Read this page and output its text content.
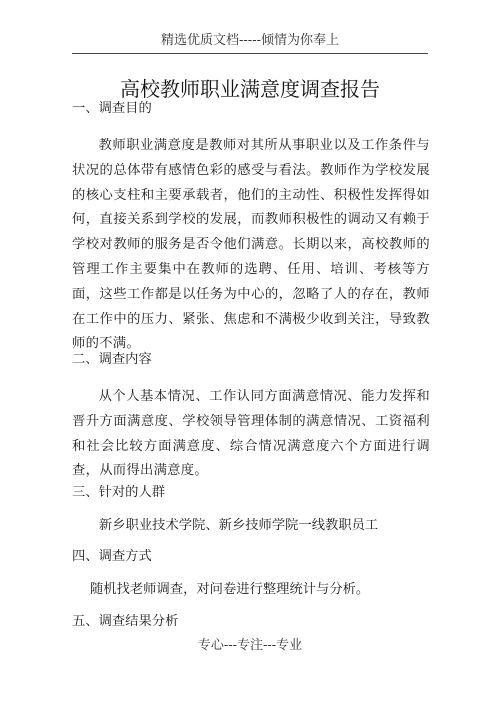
精选优质文档-----倾情为你奉上
高校教师职业满意度调查报告
一、调查目的

教师职业满意度是教师对其所从事职业以及工作条件与状况的总体带有感情色彩的感受与看法。教师作为学校发展的核心支柱和主要承载者，他们的主动性、积极性发挥得如何，直接关系到学校的发展，而教师积极性的调动又有赖于学校对教师的服务是否令他们满意。长期以来，高校教师的管理工作主要集中在教师的选聘、任用、培训、考核等方面，这些工作都是以任务为中心的，忽略了人的存在，教师在工作中的压力、紧张、焦虑和不满极少收到关注，导致教师的不满。

二、调查内容

从个人基本情况、工作认同方面满意情况、能力发挥和晋升方面满意度、学校领导管理体制的满意情况、工资福利和社会比较方面满意度、综合情况满意度六个方面进行调查，从而得出满意度。

三、针对的人群
新乡职业技术学院、新乡技师学院一线教职员工
四、调查方式
随机找老师调查，对问卷进行整理统计与分析。
五、调查结果分析
专心---专注---专业
